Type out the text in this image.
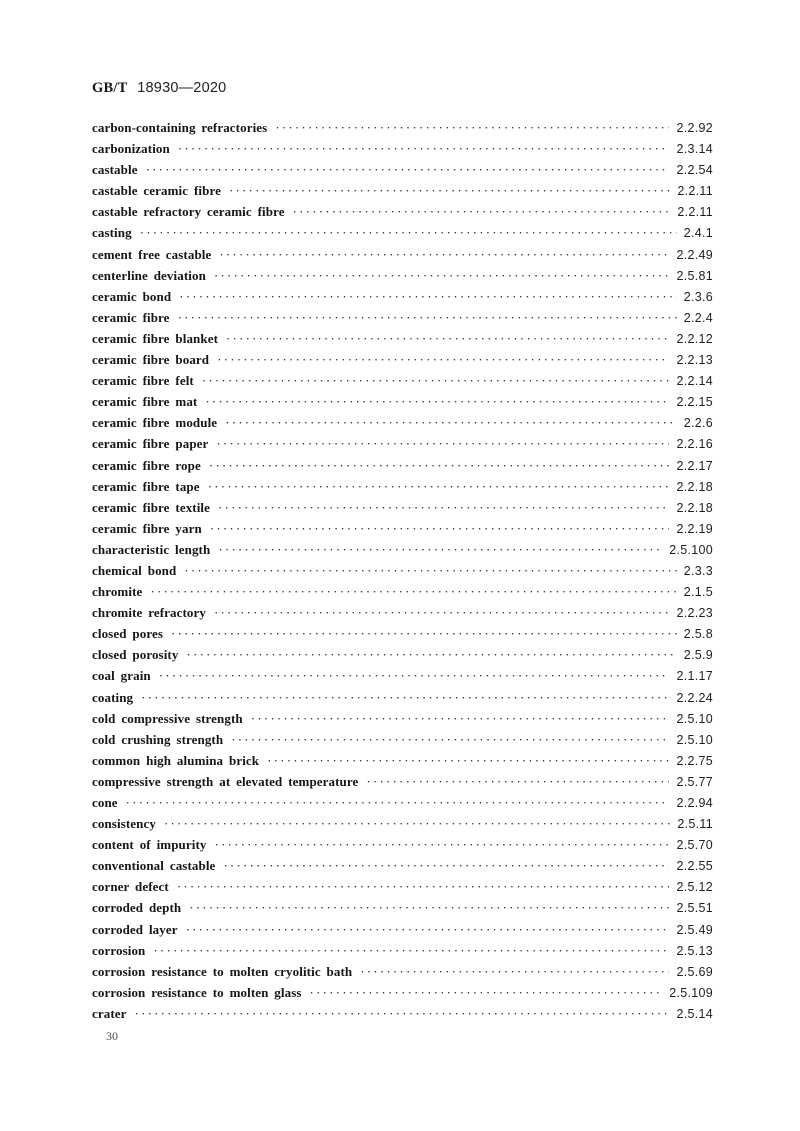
GB/T 18930—2020
carbon-containing refractories ·····	2.2.92
carbonization ·····	2.3.14
castable ·····	2.2.54
castable ceramic fibre ·····	2.2.11
castable refractory ceramic fibre ·····	2.2.11
casting ·····	2.4.1
cement free castable ·····	2.2.49
centerline deviation ·····	2.5.81
ceramic bond ·····	2.3.6
ceramic fibre ·····	2.2.4
ceramic fibre blanket ·····	2.2.12
ceramic fibre board ·····	2.2.13
ceramic fibre felt ·····	2.2.14
ceramic fibre mat ·····	2.2.15
ceramic fibre module ·····	2.2.6
ceramic fibre paper ·····	2.2.16
ceramic fibre rope ·····	2.2.17
ceramic fibre tape ·····	2.2.18
ceramic fibre textile ·····	2.2.18
ceramic fibre yarn ·····	2.2.19
characteristic length ·····	2.5.100
chemical bond ·····	2.3.3
chromite ·····	2.1.5
chromite refractory ·····	2.2.23
closed pores ·····	2.5.8
closed porosity ·····	2.5.9
coal grain ·····	2.1.17
coating ·····	2.2.24
cold compressive strength ·····	2.5.10
cold crushing strength ·····	2.5.10
common high alumina brick ·····	2.2.75
compressive strength at elevated temperature ·····	2.5.77
cone ·····	2.2.94
consistency ·····	2.5.11
content of impurity ·····	2.5.70
conventional castable ·····	2.2.55
corner defect ·····	2.5.12
corroded depth ·····	2.5.51
corroded layer ·····	2.5.49
corrosion ·····	2.5.13
corrosion resistance to molten cryolitic bath ·····	2.5.69
corrosion resistance to molten glass ·····	2.5.109
crater ·····	2.5.14
30
